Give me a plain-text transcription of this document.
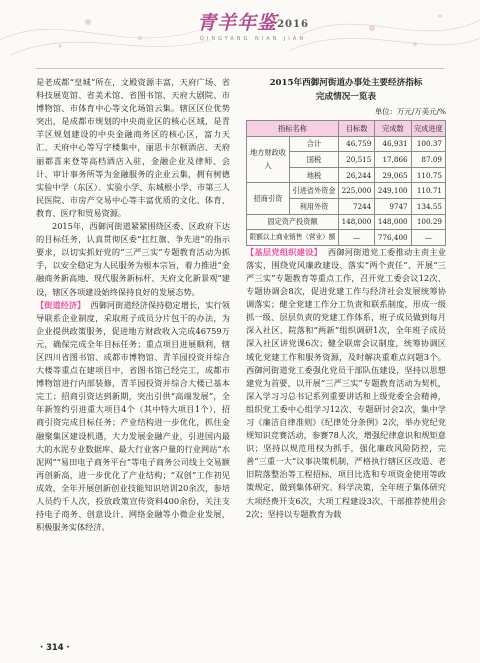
青羊年鉴2016
QINGYANG NIAN JIAN

是老成都“皇城”所在，文殿资源丰富，天府广场、省科技展览馆、省美术馆、省图书馆、天府大剧院、市博物馆、市体育中心等文化场馆云集。辖区区位优势突出，是成都市规划的中央商业区的核心区域，是青羊区规划建设的中央金融商务区的核心区，富力天汇、天府中心等写字楼集中，丽思卡尔顿酒店、天府丽都喜来登等高档酒店入驻，金融企业及律师、会计、审计事务所等为金融服务的企业云集，拥有树德实验中学（东区）、实验小学、东城根小学、市第三人民医院、市房产交易中心等丰富优质的文化、体育、教育、医疗和贸易资源。

2015年，西御河街道紧紧围绕区委、区政府下达的目标任务，认真贯彻区委“扛红旗、争先进”的指示要求，以切实抓好党的“三严三实”专题教育活动为抓手，以安全稳定为人民服务为根本宗旨，着力推进“金融商务新高地、现代服务新标杆、天府文化新景观”建设，辖区各项建设始终保持良好的发展态势。

【街道经济】 西御河街道经济保持稳定增长，实行领导联系企业制度，采取班子成员分片包干的办法，为企业提供政策服务，促进地方财政收入完成46759万元，确保完成全年目标任务；重点项目进展顺利，辖区四川省图书馆、成都市博物馆、青羊园投资并综合大楼等重点在建项目中，省图书馆已经完工，成都市博物馆进行内部装修，青羊园投资并综合大楼已基本完工；招商引资达到新期，突出引供“高端发展”，全年新签约引进重大项目4个（其中特大项目1个），招商引资完成目标任务；产业结构进一步优化，抓住金融聚集区建设机遇，大力发展金融产业，引进国内最大的水泥专业数据库、最大行业客户量的行业网站“水泥网”“易田电子商务平台”等电子商务公司线上交易额再创新高，进一步优化了产业结构；“双创”工作初见成效，全年开展创新创业技能知识培训20余次，参培人员约千人次，投放政策宣传资料400余份，关注支持电子商务、创意设计、网络金融等小微企业发展，积极服务实体经济。

2015年西御河街道办事处主要经济指标
完成情况一览表
单位：万元/万美元/%
指标名称		目标数	完成数	完成进度
地方财政收入	合计	46,759	46,931	100.37
	国税	20,515	17,866	87.09
	地税	26,244	29,065	110.75
招商引资	引进省外资金	225,000	249,100	110.71
	利用外资	7244	9747	134.55
固定资产投资额		148,000	148,000	100.29
限额以上商业销售（营业）额		—	776,400	—

【基层党组织建设】 西御河街道党工委推动主责主业落实，围绕党风廉政建设、落实“两个责任”、开展“三严三实”专题教育等重点工作，召开党工委会议12次、专题协调会8次，促进党建工作与经济社会发展统筹协调落实；健全党建工作分工负责和联系制度，形成一级抓一级、层层负责的党建工作体系，班子成员做到每月深入社区、院落和“两新”组织调研1次，全年班子成员深入社区讲党课6次；健全联席会议制度，统筹协调区域化党建工作和服务资源，及时解决重难点问题3个。西御河街道党工委强化党员干部队伍建设，坚持以思想建党为首要，以开展“三严三实”专题教育活动为契机，深入学习习总书记系列重要讲话和上级党委全会精神，组织党工委中心组学习12次、专题研讨会2次，集中学习《廉洁自律准则》《纪律处分条例》2次，举办党纪党规知识竞赛活动，参赛78人次，增强纪律意识和规矩意识；坚持以规范用权为抓手，强化廉政风险防控，完善“三重一大”议事决策机制，严格执行辖区区改造、老旧院落整治等工程招标，项目比选和专项资金使用等政策规定，做到集体研究、科学决策，全年班子集体研究大项经费开支6次，大项工程建设3次、干部推荐使用会2次；坚持以专题教育为载

· 314 ·
